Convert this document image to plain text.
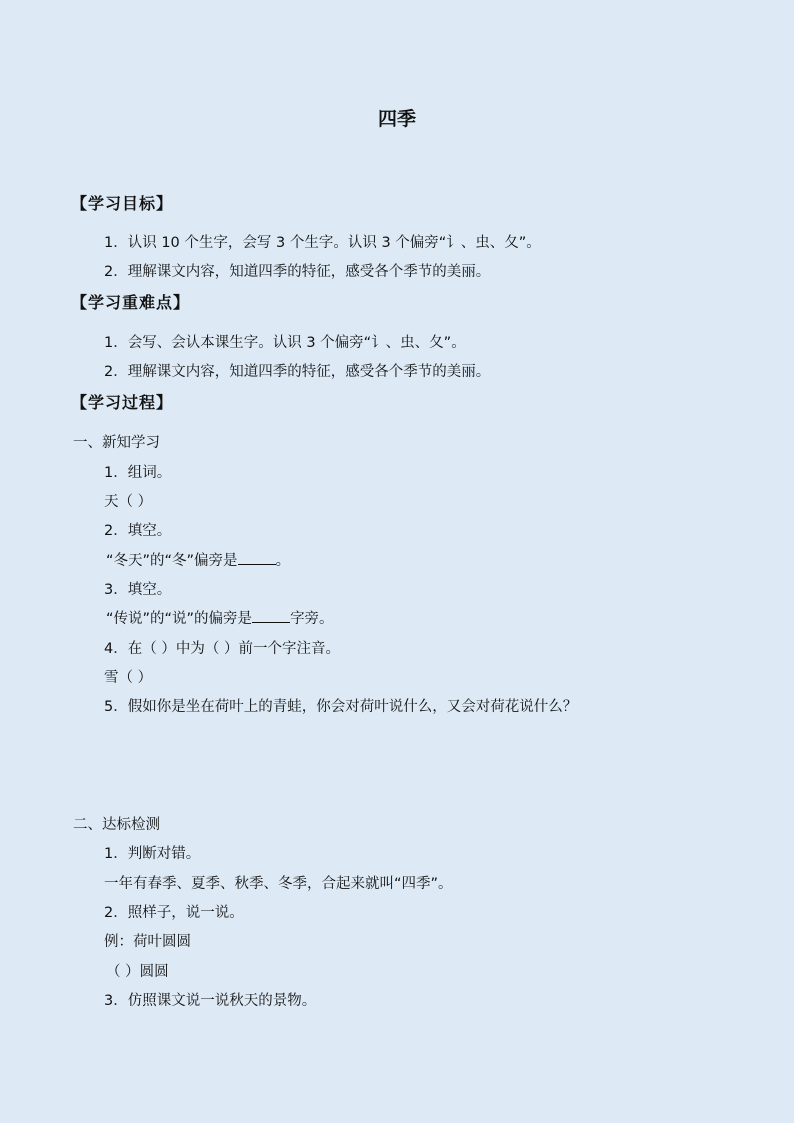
四季
【学习目标】
1．认识 10 个生字，会写 3 个生字。认识 3 个偏旁“讠、虫、夂”。
2．理解课文内容，知道四季的特征，感受各个季节的美丽。
【学习重难点】
1．会写、会认本课生字。认识 3 个偏旁“讠、虫、夂”。
2．理解课文内容，知道四季的特征，感受各个季节的美丽。
【学习过程】
一、新知学习
1．组词。
天（ ）
2．填空。
“冬天”的“冬”偏旁是	。
3．填空。
“传说”的“说”的偏旁是	字旁。
4．在（ ）中为（ ）前一个字注音。
雪（ ）
5．假如你是坐在荷叶上的青蛙，你会对荷叶说什么，又会对荷花说什么？
二、达标检测
1．判断对错。
一年有春季、夏季、秋季、冬季，合起来就叫“四季”。
2．照样子，说一说。
例：荷叶圆圆
（ ）圆圆
3．仿照课文说一说秋天的景物。
